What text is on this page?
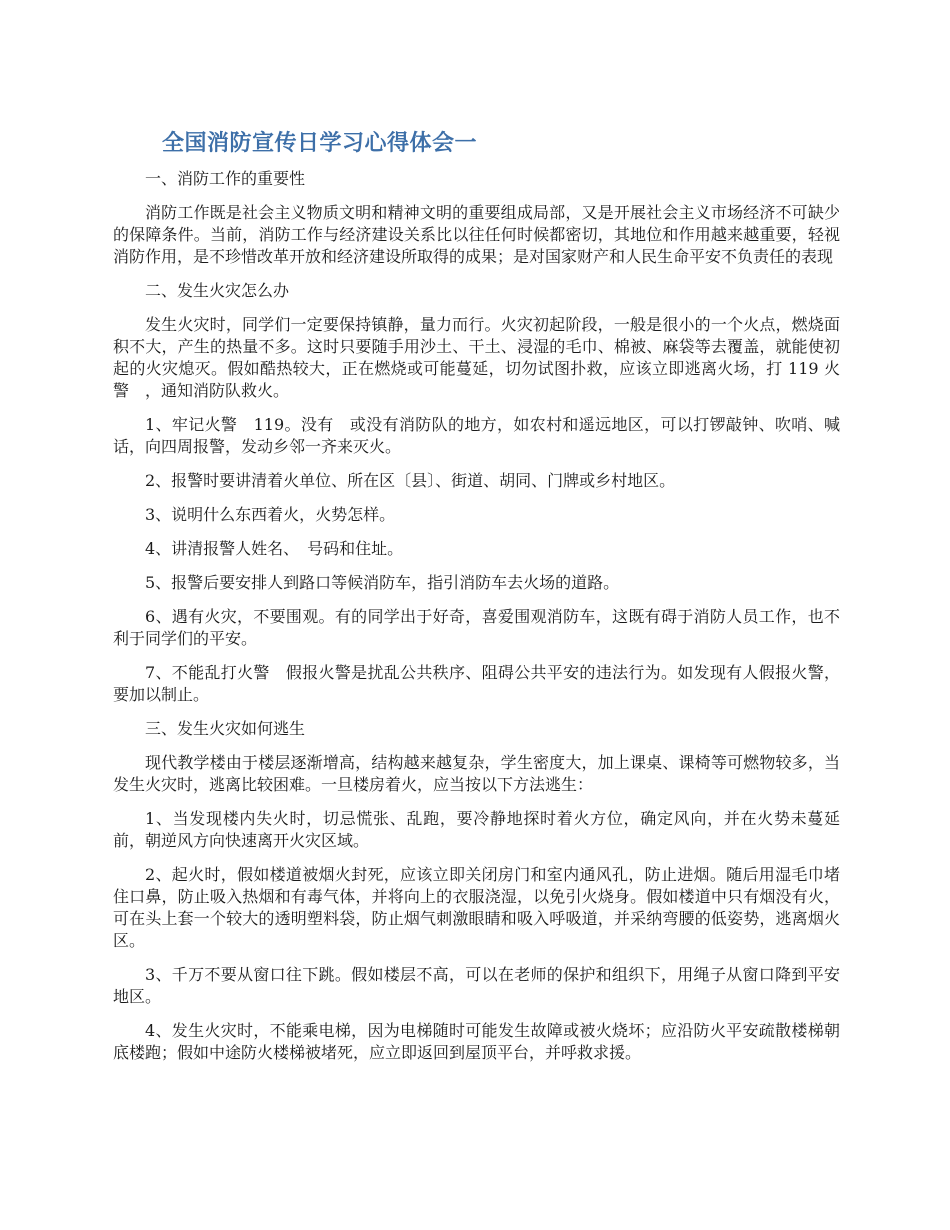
全国消防宣传日学习心得体会一

一、消防工作的重要性

消防工作既是社会主义物质文明和精神文明的重要组成局部，又是开展社会主义市场经济不可缺少的保障条件。当前，消防工作与经济建设关系比以往任何时候都密切，其地位和作用越来越重要，轻视消防作用，是不珍惜改革开放和经济建设所取得的成果；是对国家财产和人民生命平安不负责任的表现

二、发生火灾怎么办

发生火灾时，同学们一定要保持镇静，量力而行。火灾初起阶段，一般是很小的一个火点，燃烧面积不大，产生的热量不多。这时只要随手用沙土、干土、浸湿的毛巾、棉被、麻袋等去覆盖，就能使初起的火灾熄灭。假如酷热较大，正在燃烧或可能蔓延，切勿试图扑救，应该立即逃离火场，打 119 火警　，通知消防队救火。

1、牢记火警　119。没有　或没有消防队的地方，如农村和遥远地区，可以打锣敲钟、吹哨、喊话，向四周报警，发动乡邻一齐来灭火。

2、报警时要讲清着火单位、所在区〔县〕、街道、胡同、门牌或乡村地区。

3、说明什么东西着火，火势怎样。

4、讲清报警人姓名、　号码和住址。

5、报警后要安排人到路口等候消防车，指引消防车去火场的道路。

6、遇有火灾，不要围观。有的同学出于好奇，喜爱围观消防车，这既有碍于消防人员工作，也不利于同学们的平安。

7、不能乱打火警　假报火警是扰乱公共秩序、阻碍公共平安的违法行为。如发现有人假报火警，要加以制止。

三、发生火灾如何逃生

现代教学楼由于楼层逐渐增高，结构越来越复杂，学生密度大，加上课桌、课椅等可燃物较多，当发生火灾时，逃离比较困难。一旦楼房着火，应当按以下方法逃生：

1、当发现楼内失火时，切忌慌张、乱跑，要冷静地探时着火方位，确定风向，并在火势未蔓延前，朝逆风方向快速离开火灾区域。

2、起火时，假如楼道被烟火封死，应该立即关闭房门和室内通风孔，防止进烟。随后用湿毛巾堵住口鼻，防止吸入热烟和有毒气体，并将向上的衣服浇湿，以免引火烧身。假如楼道中只有烟没有火，可在头上套一个较大的透明塑料袋，防止烟气刺激眼睛和吸入呼吸道，并采纳弯腰的低姿势，逃离烟火区。

3、千万不要从窗口往下跳。假如楼层不高，可以在老师的保护和组织下，用绳子从窗口降到平安地区。

4、发生火灾时，不能乘电梯，因为电梯随时可能发生故障或被火烧坏；应沿防火平安疏散楼梯朝底楼跑；假如中途防火楼梯被堵死，应立即返回到屋顶平台，并呼救求援。
